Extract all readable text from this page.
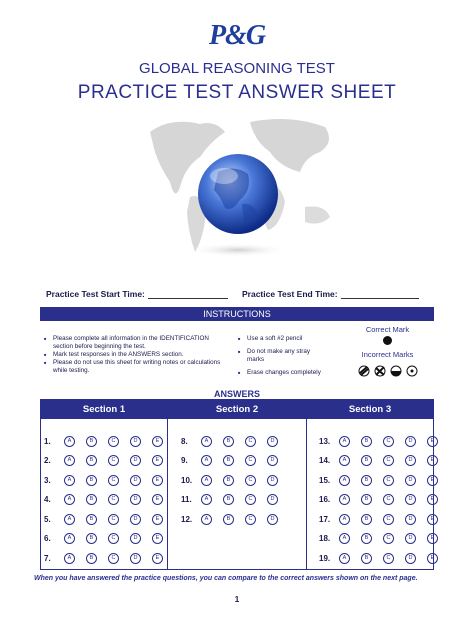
P&G
GLOBAL REASONING TEST
PRACTICE TEST ANSWER SHEET
Practice Test Start Time:	Practice Test End Time:
INSTRUCTIONS
■ Please complete all information in the IDENTIFICATION section before beginning the test.
■ Mark test responses in the ANSWERS section.
■ Please do not use this sheet for writing notes or calculations while testing.
■ Use a soft #2 pencil
■ Do not make any stray marks
■ Erase changes completely
Correct Mark
Incorrect Marks
ANSWERS
Section 1	Section 2	Section 3
1.	A	B	C	D	E
2.	A	B	C	D	E
3.	A	B	C	D	E
4.	A	B	C	D	E
5.	A	B	C	D	E
6.	A	B	C	D	E
7.	A	B	C	D	E
8.	A	B	C	D
9.	A	B	C	D
10.	A	B	C	D
11.	A	B	C	D
12.	A	B	C	D
13.	A	B	C	D	E
14.	A	B	C	D	E
15.	A	B	C	D	E
16.	A	B	C	D	E
17.	A	B	C	D	E
18.	A	B	C	D	E
19.	A	B	C	D	E
When you have answered the practice questions, you can compare to the correct answers shown on the next page.
1
